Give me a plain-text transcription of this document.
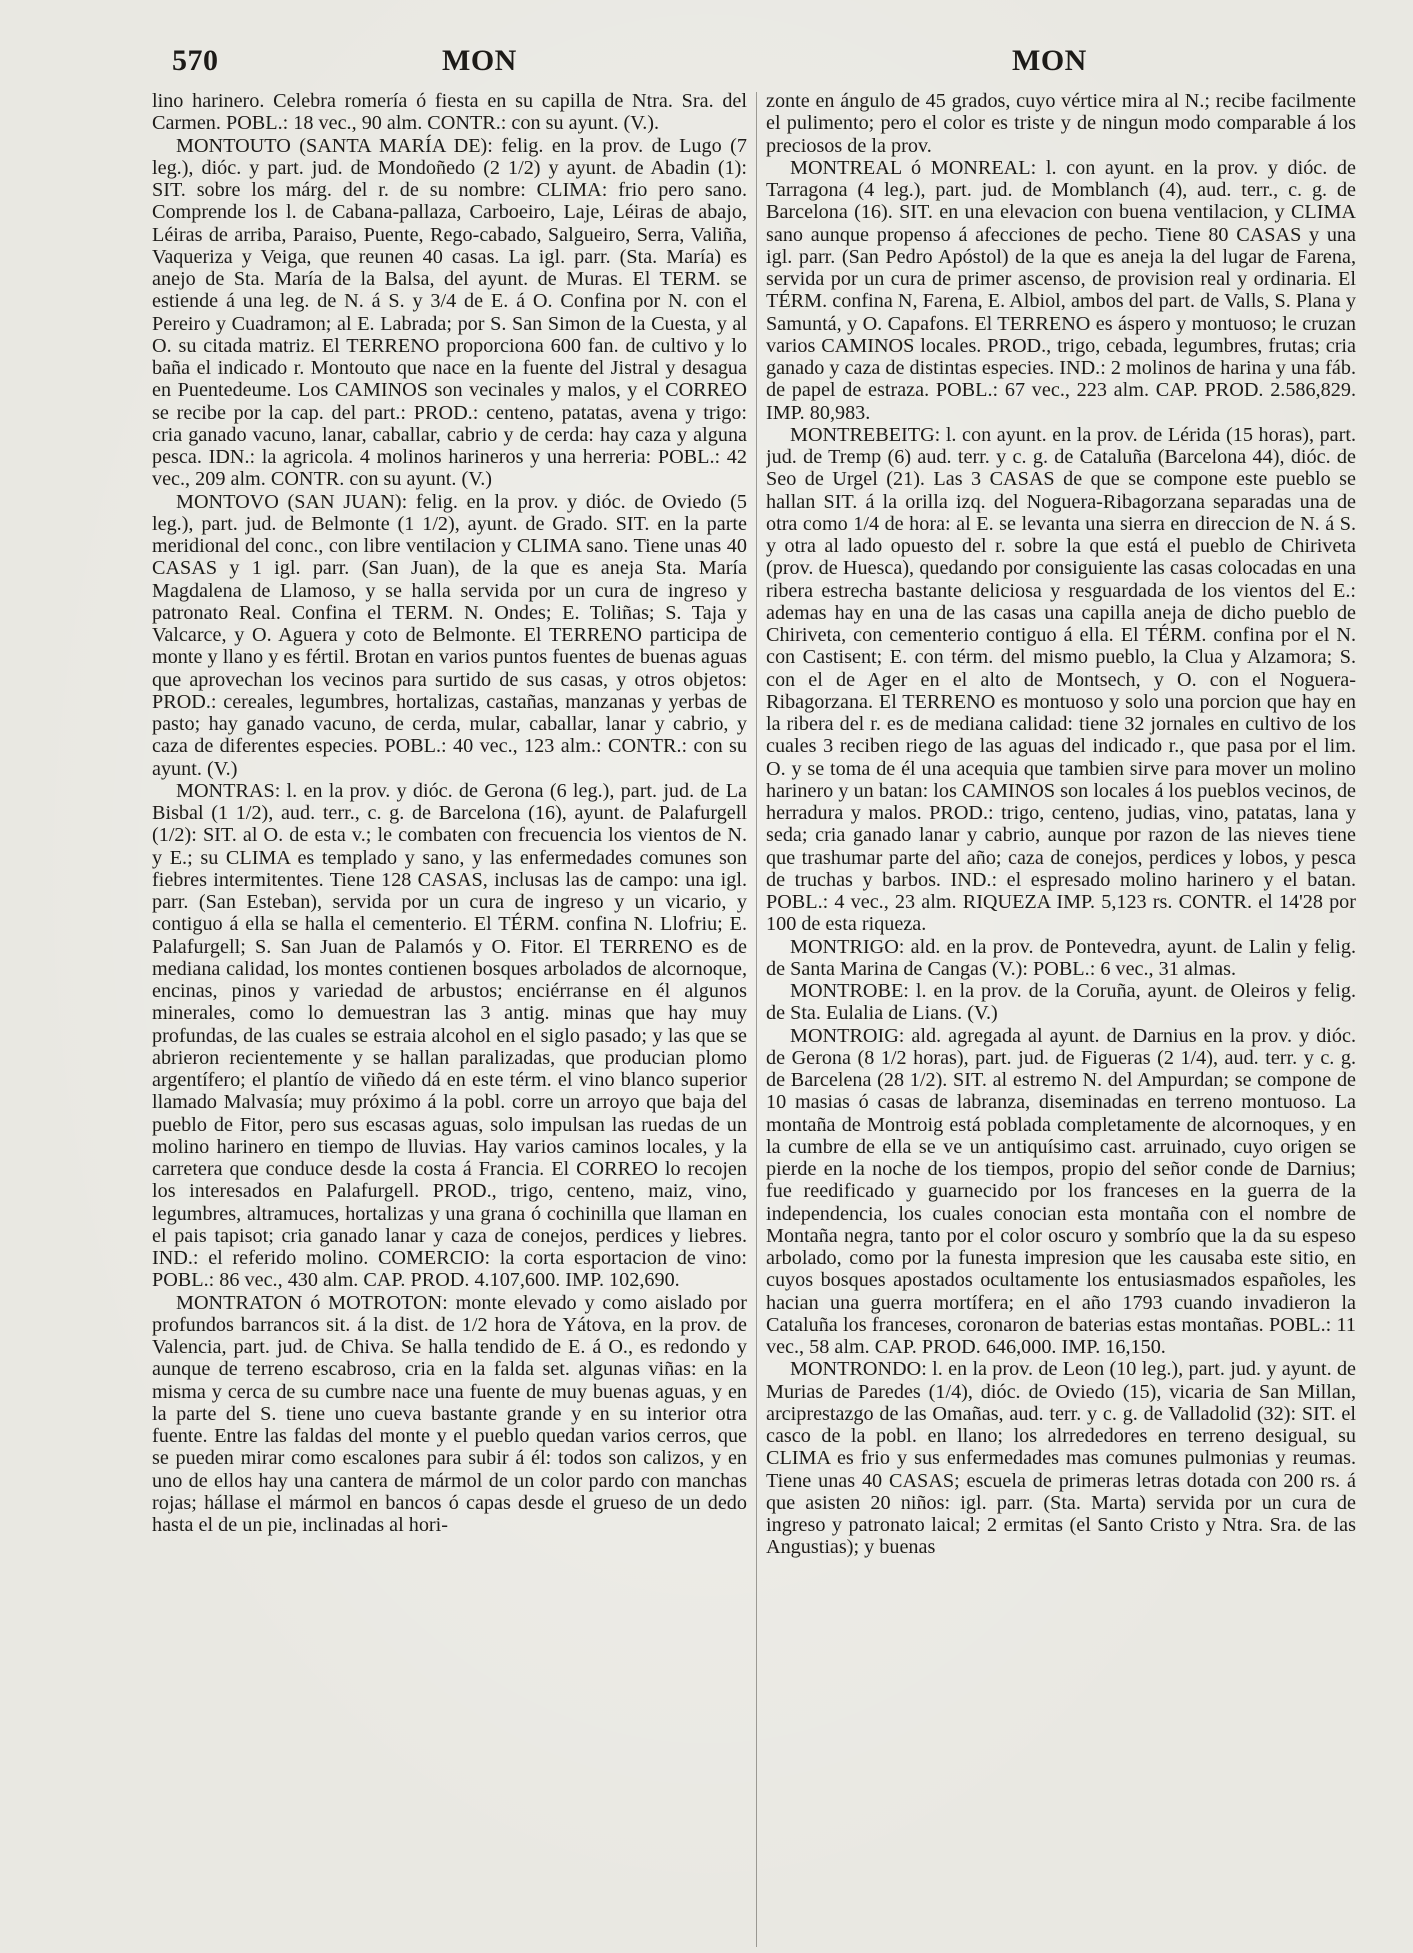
570	MON	MON

lino harinero. Celebra romería ó fiesta en su capilla de Ntra. Sra. del Carmen. POBL.: 18 vec., 90 alm. CONTR.: con su ayunt. (V.).

MONTOUTO (SANTA MARÍA DE): felig. en la prov. de Lugo (7 leg.), dióc. y part. jud. de Mondoñedo (2 1/2) y ayunt. de Abadin (1): SIT. sobre los márg. del r. de su nombre: CLIMA: frio pero sano. Comprende los l. de Cabana-pallaza, Carboeiro, Laje, Léiras de abajo, Léiras de arriba, Paraiso, Puente, Rego-cabado, Salgueiro, Serra, Valiña, Vaqueriza y Veiga, que reunen 40 casas. La igl. parr. (Sta. María) es anejo de Sta. María de la Balsa, del ayunt. de Muras. El TERM. se estiende á una leg. de N. á S. y 3/4 de E. á O. Confina por N. con el Pereiro y Cuadramon; al E. Labrada; por S. San Simon de la Cuesta, y al O. su citada matriz. El TERRENO proporciona 600 fan. de cultivo y lo baña el indicado r. Montouto que nace en la fuente del Jistral y desagua en Puentedeume. Los CAMINOS son vecinales y malos, y el CORREO se recibe por la cap. del part.: PROD.: centeno, patatas, avena y trigo: cria ganado vacuno, lanar, caballar, cabrio y de cerda: hay caza y alguna pesca. IDN.: la agricola. 4 molinos harineros y una herreria: POBL.: 42 vec., 209 alm. CONTR. con su ayunt. (V.)

MONTOVO (SAN JUAN): felig. en la prov. y dióc. de Oviedo (5 leg.), part. jud. de Belmonte (1 1/2), ayunt. de Grado. SIT. en la parte meridional del conc., con libre ventilacion y CLIMA sano. Tiene unas 40 CASAS y 1 igl. parr. (San Juan), de la que es aneja Sta. María Magdalena de Llamoso, y se halla servida por un cura de ingreso y patronato Real. Confina el TERM. N. Ondes; E. Toliñas; S. Taja y Valcarce, y O. Aguera y coto de Belmonte. El TERRENO participa de monte y llano y es fértil. Brotan en varios puntos fuentes de buenas aguas que aprovechan los vecinos para surtido de sus casas, y otros objetos: PROD.: cereales, legumbres, hortalizas, castañas, manzanas y yerbas de pasto; hay ganado vacuno, de cerda, mular, caballar, lanar y cabrio, y caza de diferentes especies. POBL.: 40 vec., 123 alm.: CONTR.: con su ayunt. (V.)

MONTRAS: l. en la prov. y dióc. de Gerona (6 leg.), part. jud. de La Bisbal (1 1/2), aud. terr., c. g. de Barcelona (16), ayunt. de Palafurgell (1/2): SIT. al O. de esta v.; le combaten con frecuencia los vientos de N. y E.; su CLIMA es templado y sano, y las enfermedades comunes son fiebres intermitentes. Tiene 128 CASAS, inclusas las de campo: una igl. parr. (San Esteban), servida por un cura de ingreso y un vicario, y contiguo á ella se halla el cementerio. El TÉRM. confina N. Llofriu; E. Palafurgell; S. San Juan de Palamós y O. Fitor. El TERRENO es de mediana calidad, los montes contienen bosques arbolados de alcornoque, encinas, pinos y variedad de arbustos; enciérranse en él algunos minerales, como lo demuestran las 3 antig. minas que hay muy profundas, de las cuales se estraia alcohol en el siglo pasado; y las que se abrieron recientemente y se hallan paralizadas, que producian plomo argentífero; el plantío de viñedo dá en este térm. el vino blanco superior llamado Malvasía; muy próximo á la pobl. corre un arroyo que baja del pueblo de Fitor, pero sus escasas aguas, solo impulsan las ruedas de un molino harinero en tiempo de lluvias. Hay varios caminos locales, y la carretera que conduce desde la costa á Francia. El CORREO lo recojen los interesados en Palafurgell. PROD., trigo, centeno, maiz, vino, legumbres, altramuces, hortalizas y una grana ó cochinilla que llaman en el pais tapisot; cria ganado lanar y caza de conejos, perdices y liebres. IND.: el referido molino. COMERCIO: la corta esportacion de vino: POBL.: 86 vec., 430 alm. CAP. PROD. 4.107,600. IMP. 102,690.

MONTRATON ó MOTROTON: monte elevado y como aislado por profundos barrancos sit. á la dist. de 1/2 hora de Yátova, en la prov. de Valencia, part. jud. de Chiva. Se halla tendido de E. á O., es redondo y aunque de terreno escabroso, cria en la falda set. algunas viñas: en la misma y cerca de su cumbre nace una fuente de muy buenas aguas, y en la parte del S. tiene uno cueva bastante grande y en su interior otra fuente. Entre las faldas del monte y el pueblo quedan varios cerros, que se pueden mirar como escalones para subir á él: todos son calizos, y en uno de ellos hay una cantera de mármol de un color pardo con manchas rojas; hállase el mármol en bancos ó capas desde el grueso de un dedo hasta el de un pie, inclinadas al hori-

zonte en ángulo de 45 grados, cuyo vértice mira al N.; recibe facilmente el pulimento; pero el color es triste y de ningun modo comparable á los preciosos de la prov.

MONTREAL ó MONREAL: l. con ayunt. en la prov. y dióc. de Tarragona (4 leg.), part. jud. de Momblanch (4), aud. terr., c. g. de Barcelona (16). SIT. en una elevacion con buena ventilacion, y CLIMA sano aunque propenso á afecciones de pecho. Tiene 80 CASAS y una igl. parr. (San Pedro Apóstol) de la que es aneja la del lugar de Farena, servida por un cura de primer ascenso, de provision real y ordinaria. El TÉRM. confina N, Farena, E. Albiol, ambos del part. de Valls, S. Plana y Samuntá, y O. Capafons. El TERRENO es áspero y montuoso; le cruzan varios CAMINOS locales. PROD., trigo, cebada, legumbres, frutas; cria ganado y caza de distintas especies. IND.: 2 molinos de harina y una fáb. de papel de estraza. POBL.: 67 vec., 223 alm. CAP. PROD. 2.586,829. IMP. 80,983.

MONTREBEITG: l. con ayunt. en la prov. de Lérida (15 horas), part. jud. de Tremp (6) aud. terr. y c. g. de Cataluña (Barcelona 44), dióc. de Seo de Urgel (21). Las 3 CASAS de que se compone este pueblo se hallan SIT. á la orilla izq. del Noguera-Ribagorzana separadas una de otra como 1/4 de hora: al E. se levanta una sierra en direccion de N. á S. y otra al lado opuesto del r. sobre la que está el pueblo de Chiriveta (prov. de Huesca), quedando por consiguiente las casas colocadas en una ribera estrecha bastante deliciosa y resguardada de los vientos del E.: ademas hay en una de las casas una capilla aneja de dicho pueblo de Chiriveta, con cementerio contiguo á ella. El TÉRM. confina por el N. con Castisent; E. con térm. del mismo pueblo, la Clua y Alzamora; S. con el de Ager en el alto de Montsech, y O. con el Noguera-Ribagorzana. El TERRENO es montuoso y solo una porcion que hay en la ribera del r. es de mediana calidad: tiene 32 jornales en cultivo de los cuales 3 reciben riego de las aguas del indicado r., que pasa por el lim. O. y se toma de él una acequia que tambien sirve para mover un molino harinero y un batan: los CAMINOS son locales á los pueblos vecinos, de herradura y malos. PROD.: trigo, centeno, judias, vino, patatas, lana y seda; cria ganado lanar y cabrio, aunque por razon de las nieves tiene que trashumar parte del año; caza de conejos, perdices y lobos, y pesca de truchas y barbos. IND.: el espresado molino harinero y el batan. POBL.: 4 vec., 23 alm. RIQUEZA IMP. 5,123 rs. CONTR. el 14'28 por 100 de esta riqueza.

MONTRIGO: ald. en la prov. de Pontevedra, ayunt. de Lalin y felig. de Santa Marina de Cangas (V.): POBL.: 6 vec., 31 almas.

MONTROBE: l. en la prov. de la Coruña, ayunt. de Oleiros y felig. de Sta. Eulalia de Lians. (V.)

MONTROIG: ald. agregada al ayunt. de Darnius en la prov. y dióc. de Gerona (8 1/2 horas), part. jud. de Figueras (2 1/4), aud. terr. y c. g. de Barcelena (28 1/2). SIT. al estremo N. del Ampurdan; se compone de 10 masias ó casas de labranza, diseminadas en terreno montuoso. La montaña de Montroig está poblada completamente de alcornoques, y en la cumbre de ella se ve un antiquísimo cast. arruinado, cuyo origen se pierde en la noche de los tiempos, propio del señor conde de Darnius; fue reedificado y guarnecido por los franceses en la guerra de la independencia, los cuales conocian esta montaña con el nombre de Montaña negra, tanto por el color oscuro y sombrío que la da su espeso arbolado, como por la funesta impresion que les causaba este sitio, en cuyos bosques apostados ocultamente los entusiasmados españoles, les hacian una guerra mortífera; en el año 1793 cuando invadieron la Cataluña los franceses, coronaron de baterias estas montañas. POBL.: 11 vec., 58 alm. CAP. PROD. 646,000. IMP. 16,150.

MONTRONDO: l. en la prov. de Leon (10 leg.), part. jud. y ayunt. de Murias de Paredes (1/4), dióc. de Oviedo (15), vicaria de San Millan, arciprestazgo de las Omañas, aud. terr. y c. g. de Valladolid (32): SIT. el casco de la pobl. en llano; los alrrededores en terreno desigual, su CLIMA es frio y sus enfermedades mas comunes pulmonias y reumas. Tiene unas 40 CASAS; escuela de primeras letras dotada con 200 rs. á que asisten 20 niños: igl. parr. (Sta. Marta) servida por un cura de ingreso y patronato laical; 2 ermitas (el Santo Cristo y Ntra. Sra. de las Angustias); y buenas
